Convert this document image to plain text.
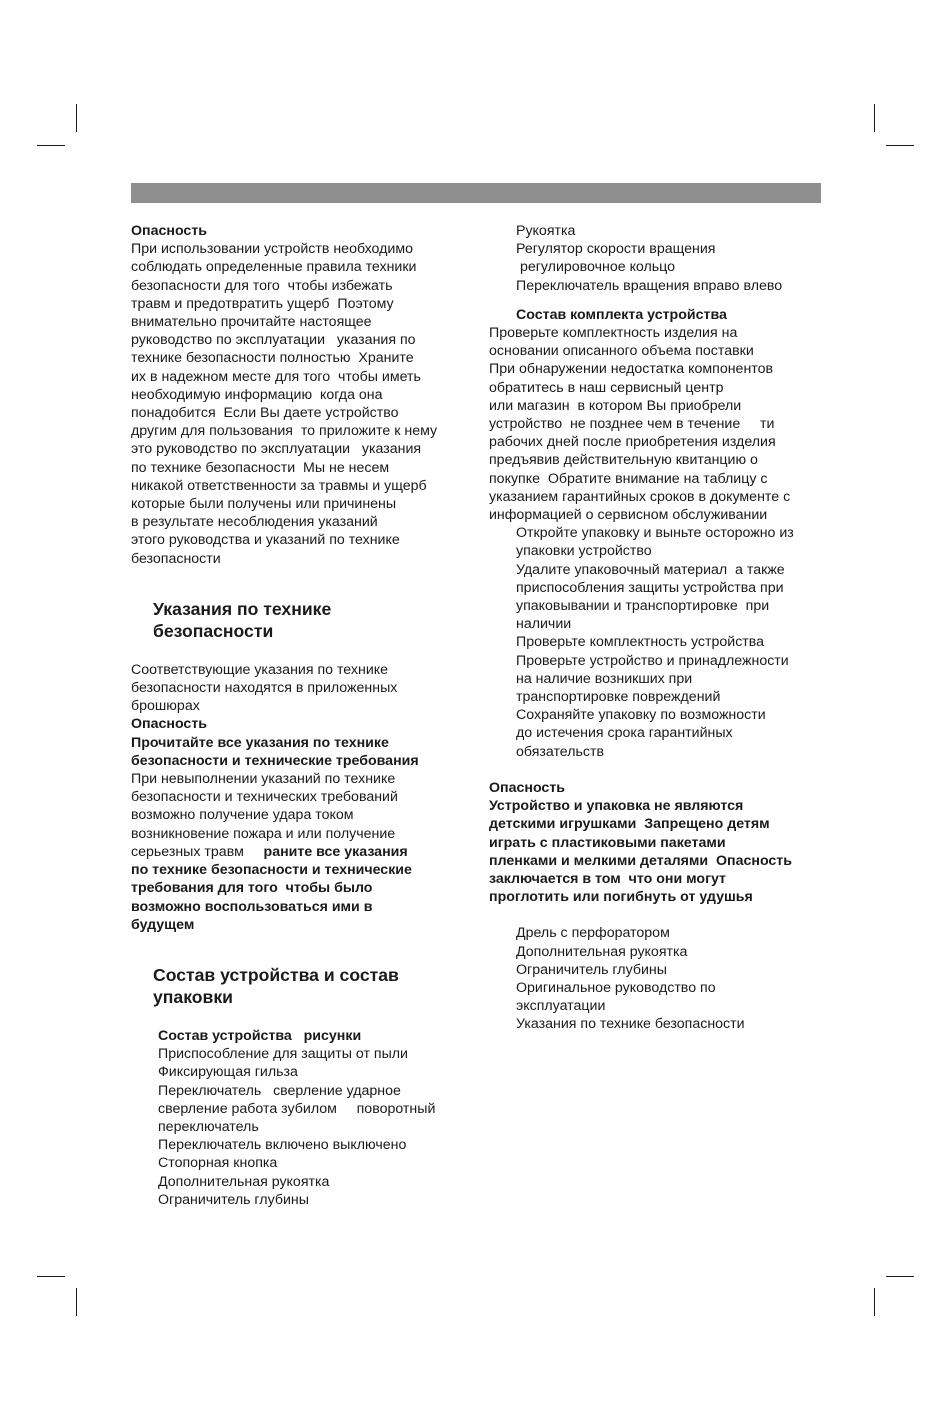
Опасность
При использовании устройств необходимо
соблюдать определенные правила техники
безопасности для того  чтобы избежать
травм и предотвратить ущерб  Поэтому
внимательно прочитайте настоящее
руководство по эксплуатации   указания по
технике безопасности полностью  Храните
их в надежном месте для того  чтобы иметь
необходимую информацию  когда она
понадобится  Если Вы даете устройство
другим для пользования  то приложите к нему
это руководство по эксплуатации   указания
по технике безопасности  Мы не несем
никакой ответственности за травмы и ущерб
которые были получены или причинены
в результате несоблюдения указаний
этого руководства и указаний по технике
безопасности
Указания по технике
безопасности
Соответствующие указания по технике
безопасности находятся в приложенных
брошюрах
Опасность
Прочитайте все указания по технике
безопасности и технические требования
При невыполнении указаний по технике
безопасности и технических требований
возможно получение удара током
возникновение пожара и или получение
серьезных травм     раните все указания
по технике безопасности и технические
требования для того  чтобы было
возможно воспользоваться ими в
будущем
Состав устройства и состав
упаковки
Состав устройства   рисунки
Приспособление для защиты от пыли
Фиксирующая гильза
Переключатель   сверление ударное
сверление работа зубилом     поворотный
переключатель
Переключатель включено выключено
Стопорная кнопка
Дополнительная рукоятка
Ограничитель глубины
Рукоятка
Регулятор скорости вращения
регулировочное кольцо
Переключатель вращения вправо влево
Состав комплекта устройства
Проверьте комплектность изделия на
основании описанного объема поставки
При обнаружении недостатка компонентов
обратитесь в наш сервисный центр
или магазин  в котором Вы приобрели
устройство  не позднее чем в течение     ти
рабочих дней после приобретения изделия
предъявив действительную квитанцию о
покупке  Обратите внимание на таблицу с
указанием гарантийных сроков в документе с
информацией о сервисном обслуживании
Откройте упаковку и выньте осторожно из
упаковки устройство
Удалите упаковочный материал  а также
приспособления защиты устройства при
упаковывании и транспортировке  при
наличии
Проверьте комплектность устройства
Проверьте устройство и принадлежности
на наличие возникших при
транспортировке повреждений
Сохраняйте упаковку по возможности
до истечения срока гарантийных
обязательств
Опасность
Устройство и упаковка не являются
детскими игрушками  Запрещено детям
играть с пластиковыми пакетами
пленками и мелкими деталями  Опасность
заключается в том  что они могут
проглотить или погибнуть от удушья
Дрель с перфоратором
Дополнительная рукоятка
Ограничитель глубины
Оригинальное руководство по
эксплуатации
Указания по технике безопасности
